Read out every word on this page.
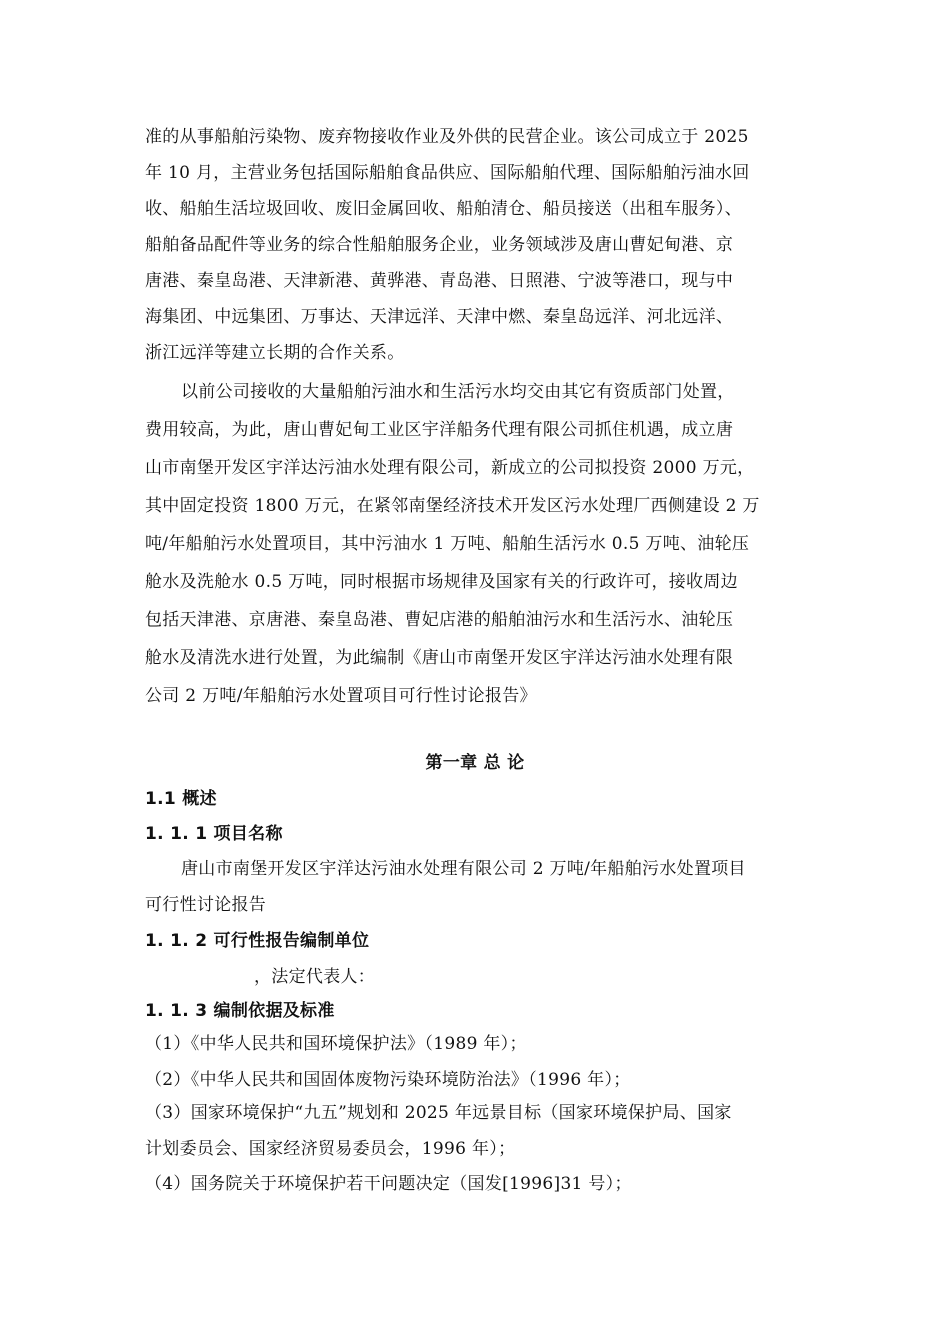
准的从事船舶污染物、废弃物接收作业及外供的民营企业。该公司成立于 2025
年 10 月，主营业务包括国际船舶食品供应、国际船舶代理、国际船舶污油水回
收、船舶生活垃圾回收、废旧金属回收、船舶清仓、船员接送（出租车服务）、
船舶备品配件等业务的综合性船舶服务企业，业务领域涉及唐山曹妃甸港、京
唐港、秦皇岛港、天津新港、黄骅港、青岛港、日照港、宁波等港口，现与中
海集团、中远集团、万事达、天津远洋、天津中燃、秦皇岛远洋、河北远洋、
浙江远洋等建立长期的合作关系。
以前公司接收的大量船舶污油水和生活污水均交由其它有资质部门处置，
费用较高，为此，唐山曹妃甸工业区宇洋船务代理有限公司抓住机遇，成立唐
山市南堡开发区宇洋达污油水处理有限公司，新成立的公司拟投资 2000 万元，
其中固定投资 1800 万元，在紧邻南堡经济技术开发区污水处理厂西侧建设 2 万
吨/年船舶污水处置项目，其中污油水 1 万吨、船舶生活污水 0.5 万吨、油轮压
舱水及洗舱水 0.5 万吨，同时根据市场规律及国家有关的行政许可，接收周边
包括天津港、京唐港、秦皇岛港、曹妃店港的船舶油污水和生活污水、油轮压
舱水及清洗水进行处置，为此编制《唐山市南堡开发区宇洋达污油水处理有限
公司 2 万吨/年船舶污水处置项目可行性讨论报告》
第一章 总 论
1.1 概述
1. 1. 1 项目名称
唐山市南堡开发区宇洋达污油水处理有限公司 2 万吨/年船舶污水处置项目
可行性讨论报告
1. 1. 2 可行性报告编制单位
，法定代表人：
1. 1. 3 编制依据及标准
（1）《中华人民共和国环境保护法》（1989 年）；
（2）《中华人民共和国固体废物污染环境防治法》（1996 年）；
（3）国家环境保护“九五”规划和 2025 年远景目标（国家环境保护局、国家
计划委员会、国家经济贸易委员会，1996 年）；
（4）国务院关于环境保护若干问题决定（国发[1996]31 号）；
